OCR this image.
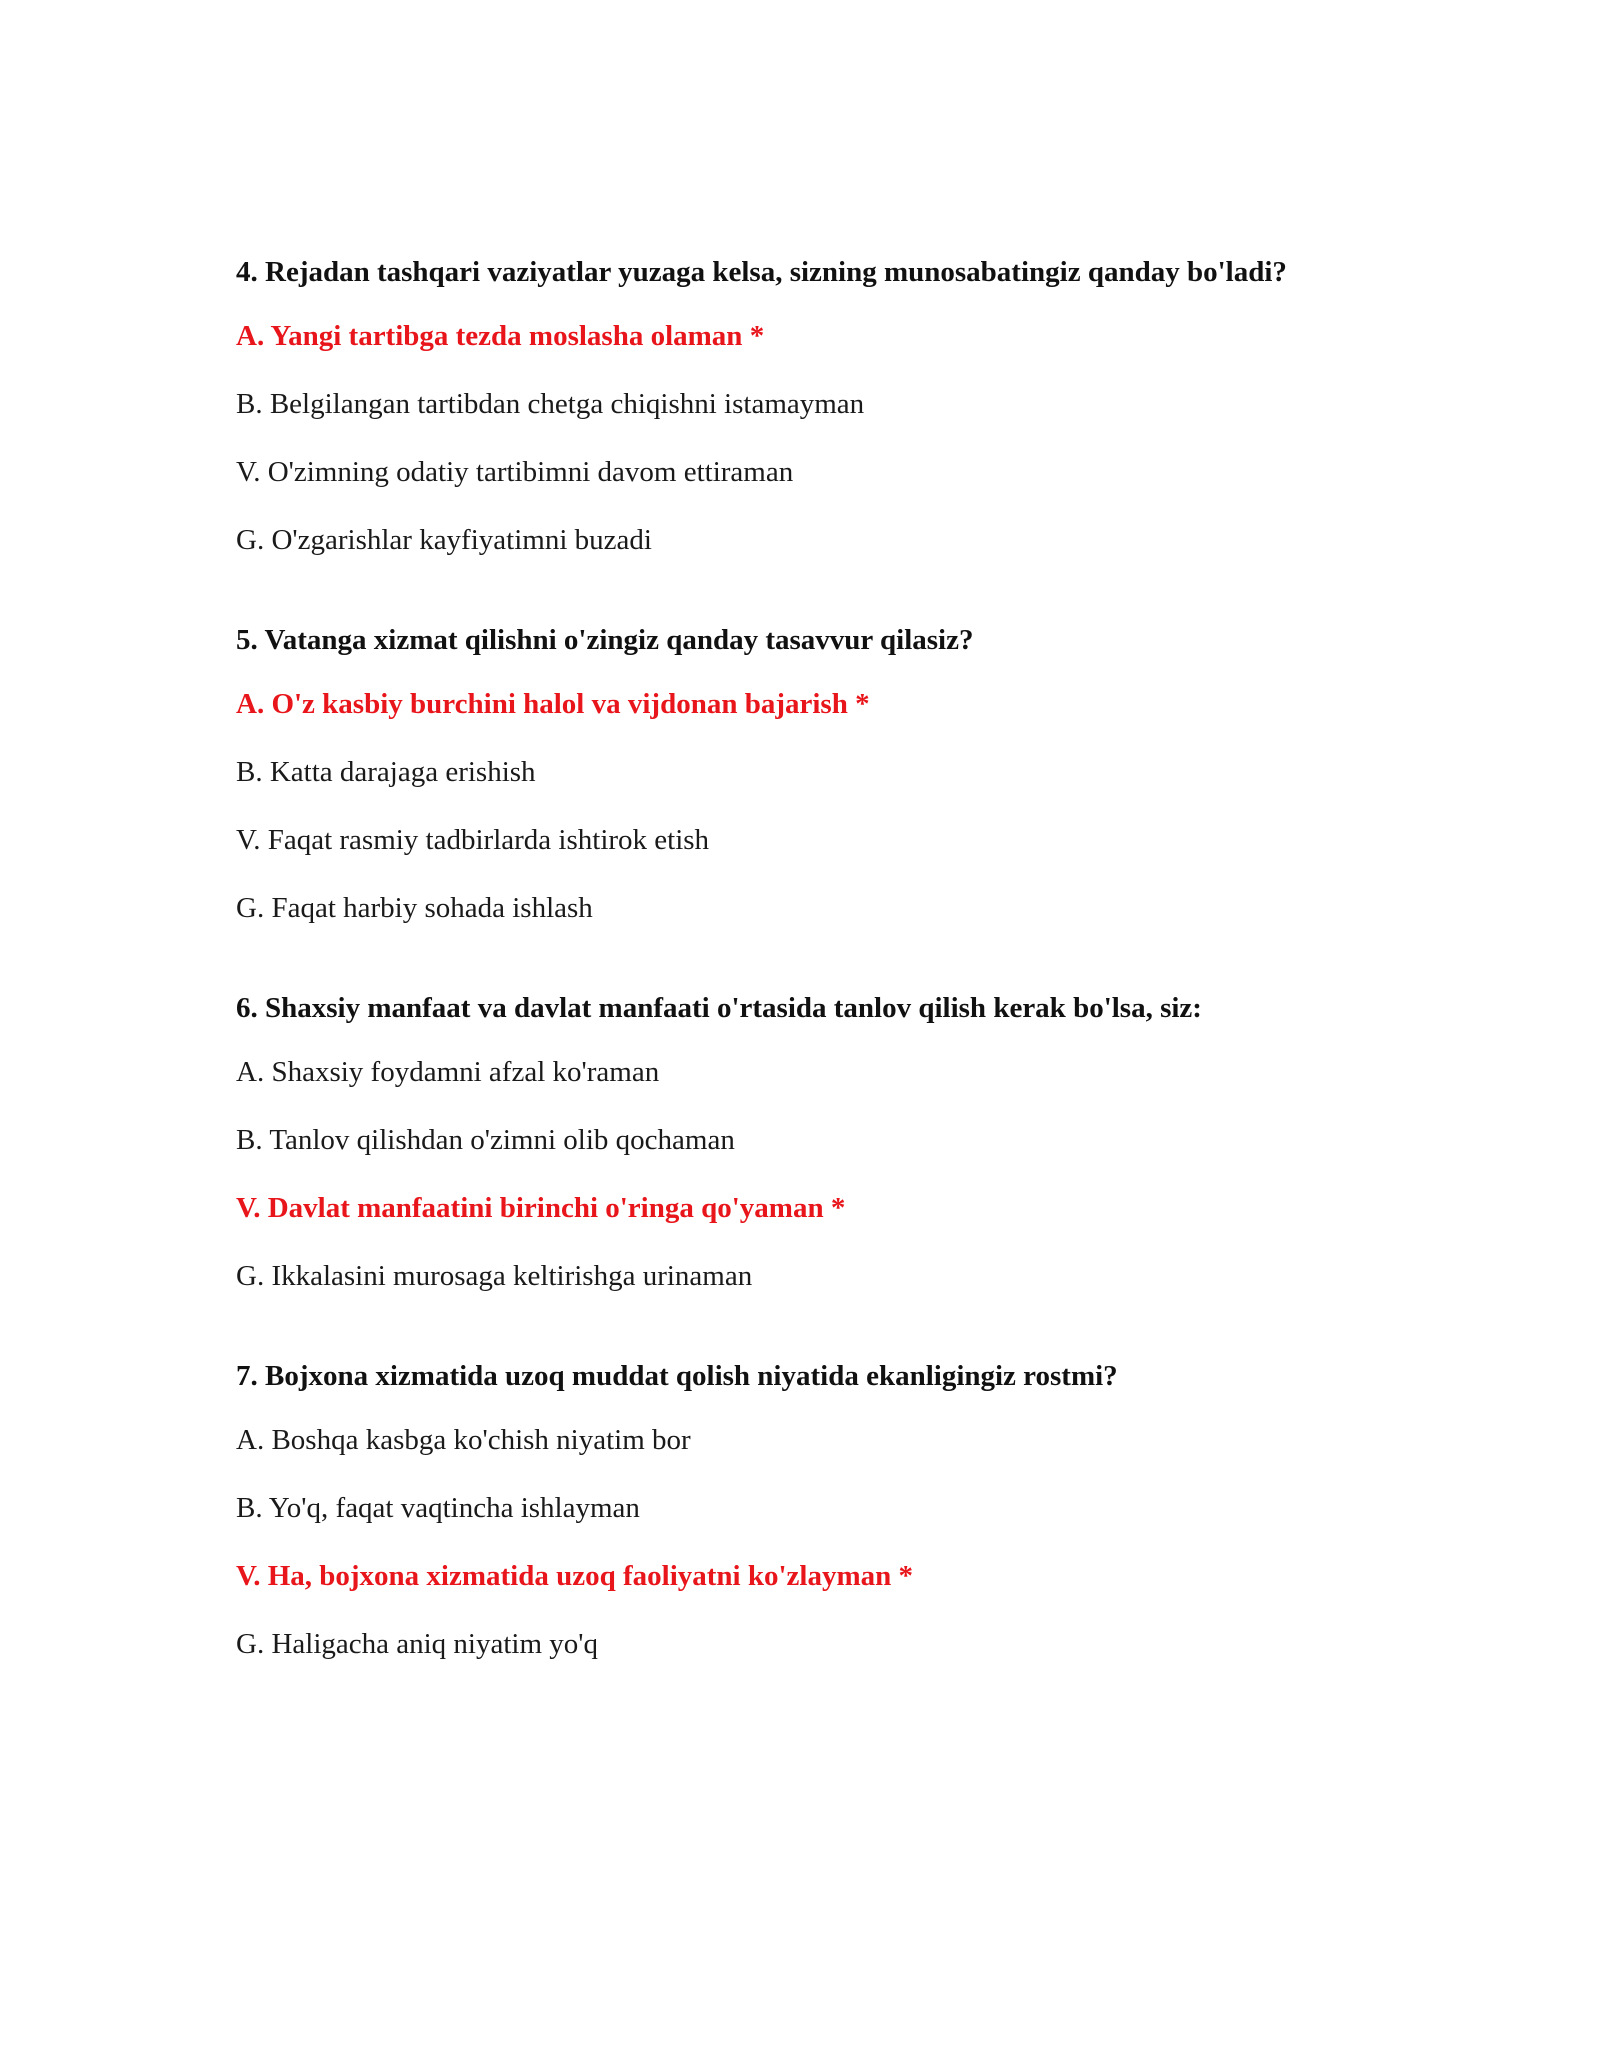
4. Rejadan tashqari vaziyatlar yuzaga kelsa, sizning munosabatingiz qanday bo'ladi?

A. Yangi tartibga tezda moslasha olaman *

B. Belgilangan tartibdan chetga chiqishni istamayman

V. O'zimning odatiy tartibimni davom ettiraman

G. O'zgarishlar kayfiyatimni buzadi

5. Vatanga xizmat qilishni o'zingiz qanday tasavvur qilasiz?

A. O'z kasbiy burchini halol va vijdonan bajarish *

B. Katta darajaga erishish

V. Faqat rasmiy tadbirlarda ishtirok etish

G. Faqat harbiy sohada ishlash

6. Shaxsiy manfaat va davlat manfaati o'rtasida tanlov qilish kerak bo'lsa, siz:

A. Shaxsiy foydamni afzal ko'raman

B. Tanlov qilishdan o'zimni olib qochaman

V. Davlat manfaatini birinchi o'ringa qo'yaman *

G. Ikkalasini murosaga keltirishga urinaman

7. Bojxona xizmatida uzoq muddat qolish niyatida ekanligingiz rostmi?

A. Boshqa kasbga ko'chish niyatim bor

B. Yo'q, faqat vaqtincha ishlayman

V. Ha, bojxona xizmatida uzoq faoliyatni ko'zlayman *

G. Haligacha aniq niyatim yo'q
